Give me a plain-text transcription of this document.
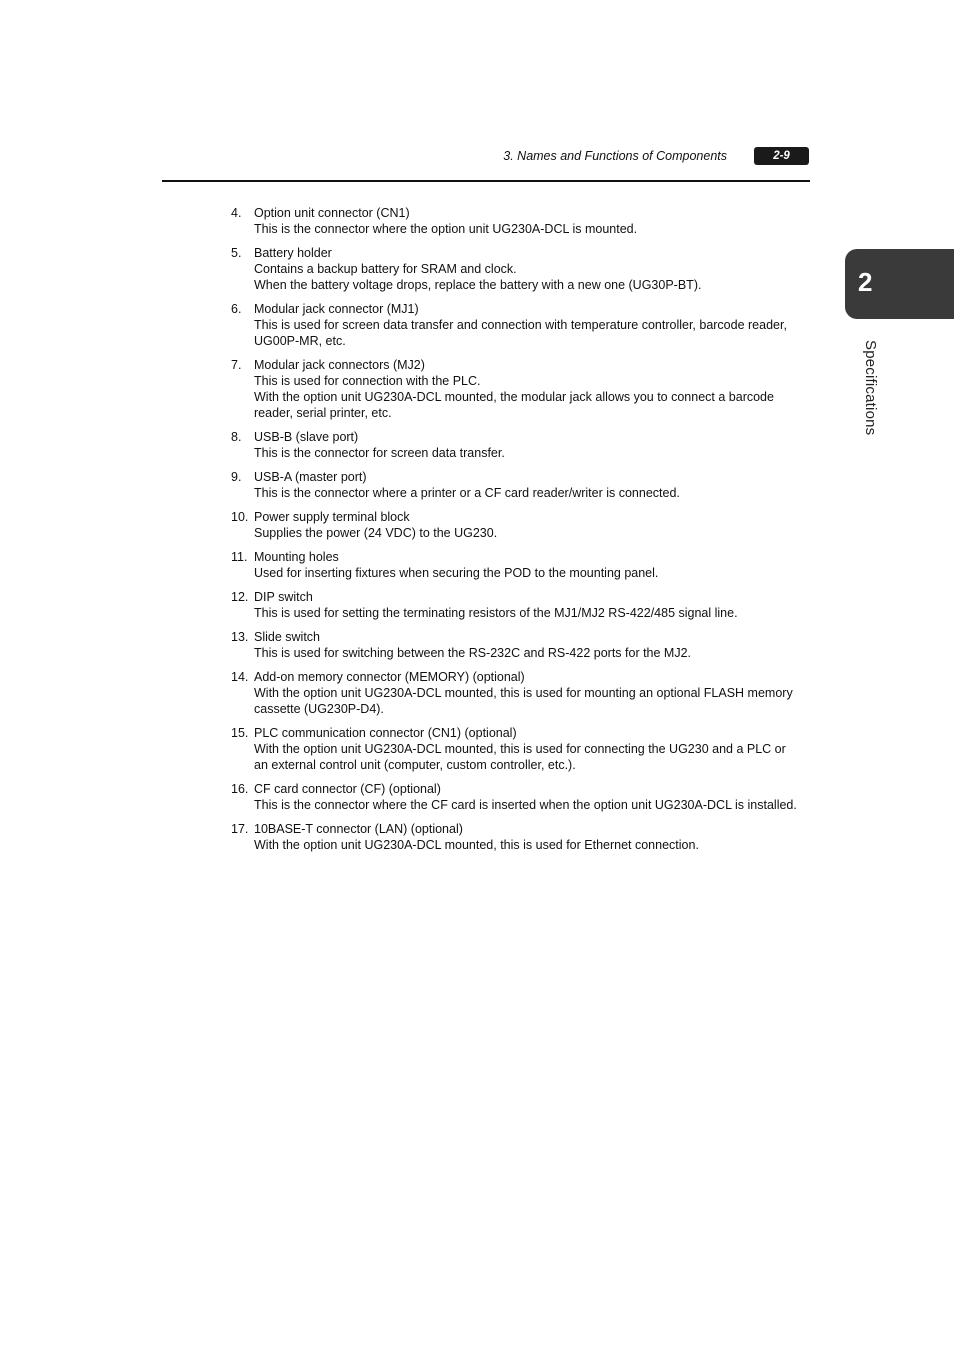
3. Names and Functions of Components	2-9
2
Specifications
4.	Option unit connector (CN1)
This is the connector where the option unit UG230A-DCL is mounted.
5.	Battery holder
Contains a backup battery for SRAM and clock.
When the battery voltage drops, replace the battery with a new one (UG30P-BT).
6.	Modular jack connector (MJ1)
This is used for screen data transfer and connection with temperature controller, barcode reader,
UG00P-MR, etc.
7.	Modular jack connectors (MJ2)
This is used for connection with the PLC.
With the option unit UG230A-DCL mounted, the modular jack allows you to connect a barcode
reader, serial printer, etc.
8.	USB-B (slave port)
This is the connector for screen data transfer.
9.	USB-A (master port)
This is the connector where a printer or a CF card reader/writer is connected.
10. Power supply terminal block
Supplies the power (24 VDC) to the UG230.
11. Mounting holes
Used for inserting fixtures when securing the POD to the mounting panel.
12. DIP switch
This is used for setting the terminating resistors of the MJ1/MJ2 RS-422/485 signal line.
13. Slide switch
This is used for switching between the RS-232C and RS-422 ports for the MJ2.
14. Add-on memory connector (MEMORY) (optional)
With the option unit UG230A-DCL mounted, this is used for mounting an optional FLASH memory
cassette (UG230P-D4).
15. PLC communication connector (CN1) (optional)
With the option unit UG230A-DCL mounted, this is used for connecting the UG230 and a PLC or
an external control unit (computer, custom controller, etc.).
16. CF card connector (CF) (optional)
This is the connector where the CF card is inserted when the option unit UG230A-DCL is installed.
17. 10BASE-T connector (LAN) (optional)
With the option unit UG230A-DCL mounted, this is used for Ethernet connection.
